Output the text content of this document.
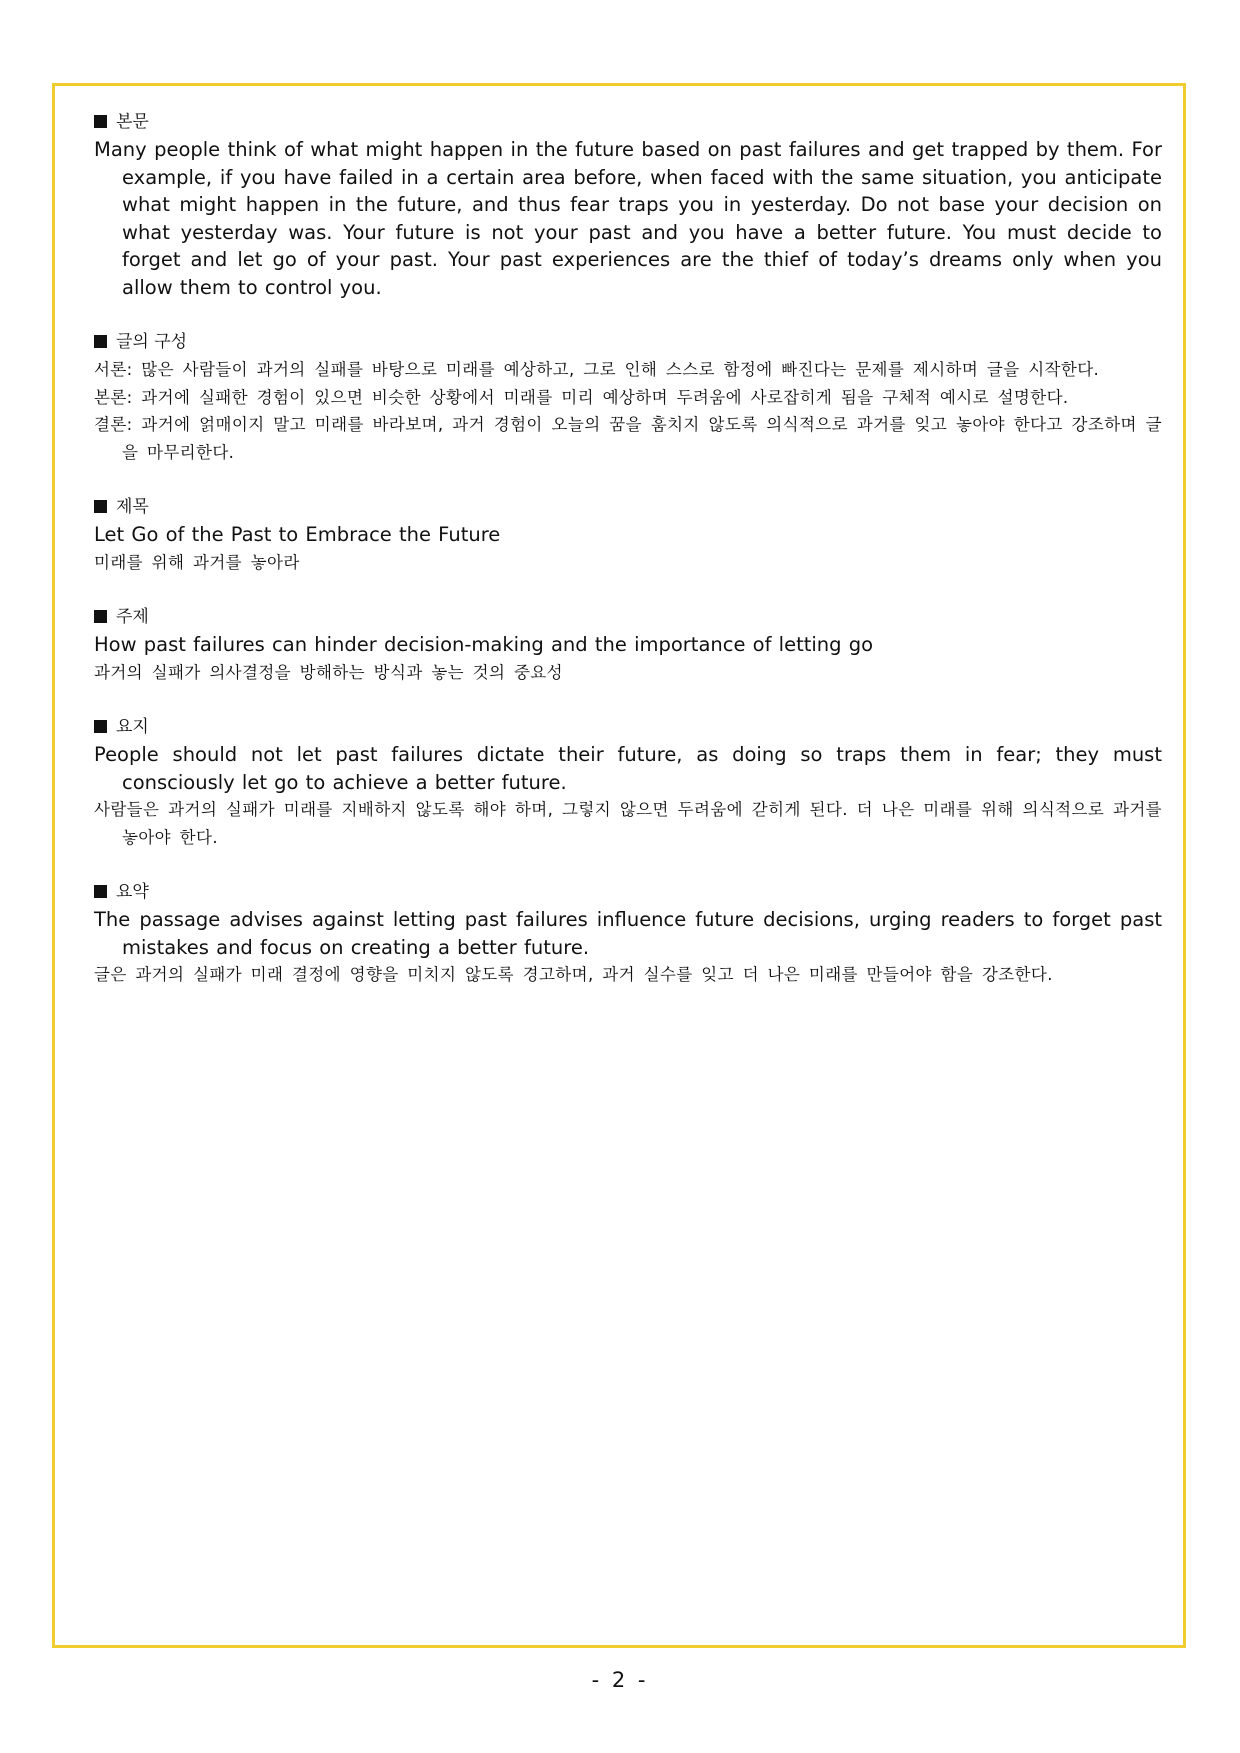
본문
Many people think of what might happen in the future based on past failures and get trapped by them. For example, if you have failed in a certain area before, when faced with the same situation, you anticipate what might happen in the future, and thus fear traps you in yesterday. Do not base your decision on what yesterday was. Your future is not your past and you have a better future. You must decide to forget and let go of your past. Your past experiences are the thief of today’s dreams only when you allow them to control you.
글의 구성
서론: 많은 사람들이 과거의 실패를 바탕으로 미래를 예상하고, 그로 인해 스스로 함정에 빠진다는 문제를 제시하며 글을 시작한다.
본론: 과거에 실패한 경험이 있으면 비슷한 상황에서 미래를 미리 예상하며 두려움에 사로잡히게 됨을 구체적 예시로 설명한다.
결론: 과거에 얽매이지 말고 미래를 바라보며, 과거 경험이 오늘의 꿈을 훔치지 않도록 의식적으로 과거를 잊고 놓아야 한다고 강조하며 글을 마무리한다.
제목
Let Go of the Past to Embrace the Future
미래를 위해 과거를 놓아라
주제
How past failures can hinder decision-making and the importance of letting go
과거의 실패가 의사결정을 방해하는 방식과 놓는 것의 중요성
요지
People should not let past failures dictate their future, as doing so traps them in fear; they must consciously let go to achieve a better future.
사람들은 과거의 실패가 미래를 지배하지 않도록 해야 하며, 그렇지 않으면 두려움에 갇히게 된다. 더 나은 미래를 위해 의식적으로 과거를 놓아야 한다.
요약
The passage advises against letting past failures influence future decisions, urging readers to forget past mistakes and focus on creating a better future.
글은 과거의 실패가 미래 결정에 영향을 미치지 않도록 경고하며, 과거 실수를 잊고 더 나은 미래를 만들어야 함을 강조한다.
- 2 -
